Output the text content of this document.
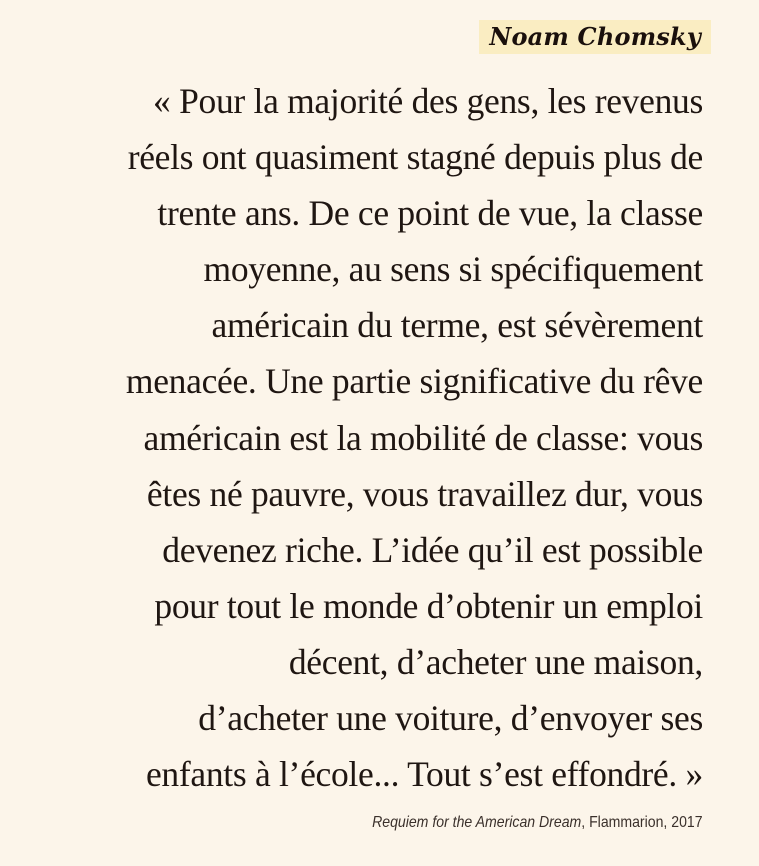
Noam Chomsky
« Pour la majorité des gens, les revenus
réels ont quasiment stagné depuis plus de
trente ans. De ce point de vue, la classe
moyenne, au sens si spécifiquement
américain du terme, est sévèrement
menacée. Une partie significative du rêve
américain est la mobilité de classe: vous
êtes né pauvre, vous travaillez dur, vous
devenez riche. L’idée qu’il est possible
pour tout le monde d’obtenir un emploi
décent, d’acheter une maison,
d’acheter une voiture, d’envoyer ses
enfants à l’école... Tout s’est effondré. »
Requiem for the American Dream, Flammarion, 2017
